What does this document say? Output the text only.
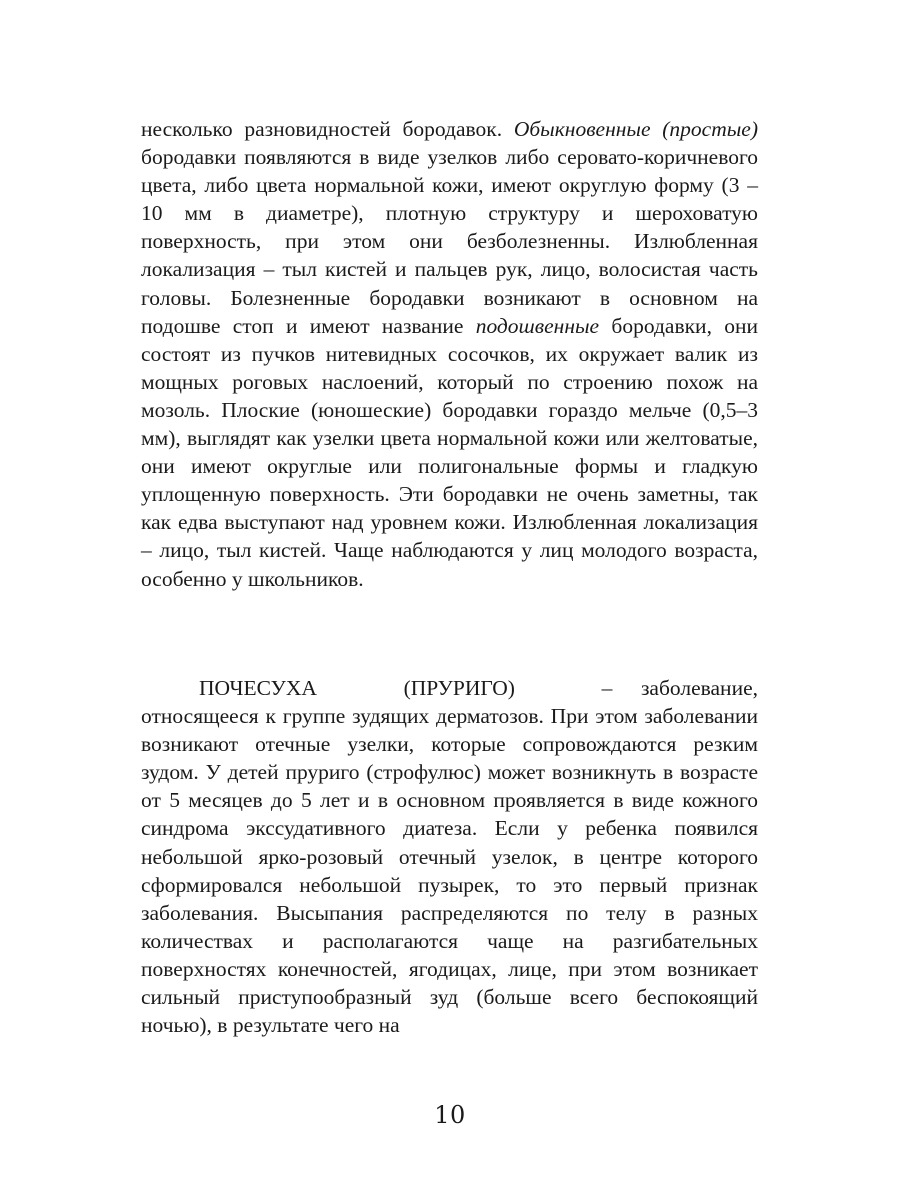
несколько разновидностей бородавок. Обыкновенные (простые) бородавки появляются в виде узелков либо серовато-коричневого цвета, либо цвета нормальной кожи, имеют округлую форму (3 – 10 мм в диаметре), плотную структуру и шероховатую поверхность, при этом они безболезненны. Излюбленная локализация – тыл кистей и пальцев рук, лицо, волосистая часть головы. Болезненные бородавки возникают в основном на подошве стоп и имеют название подошвенные бородавки, они состоят из пучков нитевидных сосочков, их окружает валик из мощных роговых наслоений, который по строению похож на мозоль. Плоские (юношеские) бородавки гораздо мельче (0,5–3 мм), выглядят как узелки цвета нормальной кожи или желтоватые, они имеют округлые или полигональные формы и гладкую уплощенную поверхность. Эти бородавки не очень заметны, так как едва выступают над уровнем кожи. Излюбленная локализация – лицо, тыл кистей. Чаще наблюдаются у лиц молодого возраста, особенно у школьников.

ПОЧЕСУХА (ПРУРИГО) – заболевание, относящееся к группе зудящих дерматозов. При этом заболевании возникают отечные узелки, которые сопровождаются резким зудом. У детей пруриго (строфулюс) может возникнуть в возрасте от 5 месяцев до 5 лет и в основном проявляется в виде кожного синдрома экссудативного диатеза. Если у ребенка появился небольшой ярко-розовый отечный узелок, в центре которого сформировался небольшой пузырек, то это первый признак заболевания. Высыпания распределяются по телу в разных количествах и располагаются чаще на разгибательных поверхностях конечностей, ягодицах, лице, при этом возникает сильный приступообразный зуд (больше всего беспокоящий ночью), в результате чего на

10
